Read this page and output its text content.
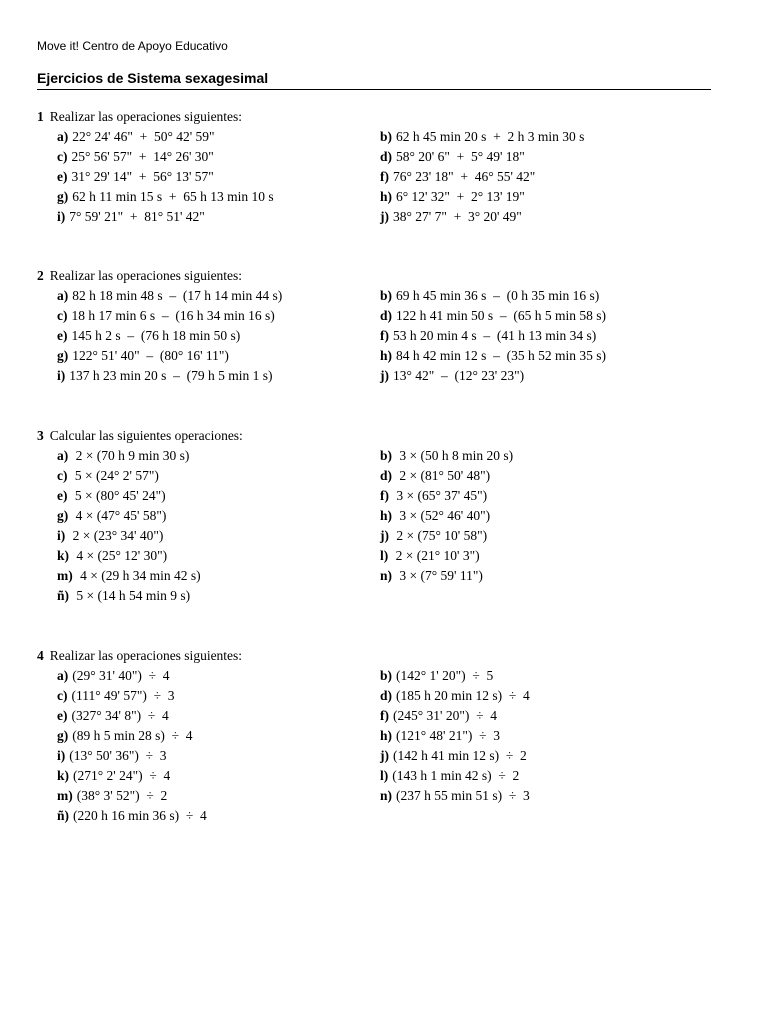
Move it! Centro de Apoyo Educativo
Ejercicios de Sistema sexagesimal
1 Realizar las operaciones siguientes:
a) 22° 24' 46"  +  50° 42' 59"	b) 62 h 45 min 20 s  +  2 h 3 min 30 s
c) 25° 56' 57"  +  14° 26' 30"	d) 58° 20' 6"  +  5° 49' 18"
e) 31° 29' 14"  +  56° 13' 57"	f) 76° 23' 18"  +  46° 55' 42"
g) 62 h 11 min 15 s  +  65 h 13 min 10 s	h) 6° 12' 32"  +  2° 13' 19"
i) 7° 59' 21"  +  81° 51' 42"	j) 38° 27' 7"  +  3° 20' 49"
2 Realizar las operaciones siguientes:
a) 82 h 18 min 48 s  –  (17 h 14 min 44 s)	b) 69 h 45 min 36 s  –  (0 h 35 min 16 s)
c) 18 h 17 min 6 s  –  (16 h 34 min 16 s)	d) 122 h 41 min 50 s  –  (65 h 5 min 58 s)
e) 145 h 2 s  –  (76 h 18 min 50 s)	f) 53 h 20 min 4 s  –  (41 h 13 min 34 s)
g) 122° 51' 40"  –  (80° 16' 11")	h) 84 h 42 min 12 s  –  (35 h 52 min 35 s)
i) 137 h 23 min 20 s  –  (79 h 5 min 1 s)	j) 13° 42"  –  (12° 23' 23")
3 Calcular las siguientes operaciones:
a) 2 × (70 h 9 min 30 s)	b) 3 × (50 h 8 min 20 s)
c) 5 × (24° 2' 57")	d) 2 × (81° 50' 48")
e) 5 × (80° 45' 24")	f) 3 × (65° 37' 45")
g) 4 × (47° 45' 58")	h) 3 × (52° 46' 40")
i) 2 × (23° 34' 40")	j) 2 × (75° 10' 58")
k) 4 × (25° 12' 30")	l) 2 × (21° 10' 3")
m) 4 × (29 h 34 min 42 s)	n) 3 × (7° 59' 11")
ñ) 5 × (14 h 54 min 9 s)
4 Realizar las operaciones siguientes:
a) (29° 31' 40")  ÷  4	b) (142° 1' 20")  ÷  5
c) (111° 49' 57")  ÷  3	d) (185 h 20 min 12 s)  ÷  4
e) (327° 34' 8")  ÷  4	f) (245° 31' 20")  ÷  4
g) (89 h 5 min 28 s)  ÷  4	h) (121° 48' 21")  ÷  3
i) (13° 50' 36")  ÷  3	j) (142 h 41 min 12 s)  ÷  2
k) (271° 2' 24")  ÷  4	l) (143 h 1 min 42 s)  ÷  2
m) (38° 3' 52")  ÷  2	n) (237 h 55 min 51 s)  ÷  3
ñ) (220 h 16 min 36 s)  ÷  4
